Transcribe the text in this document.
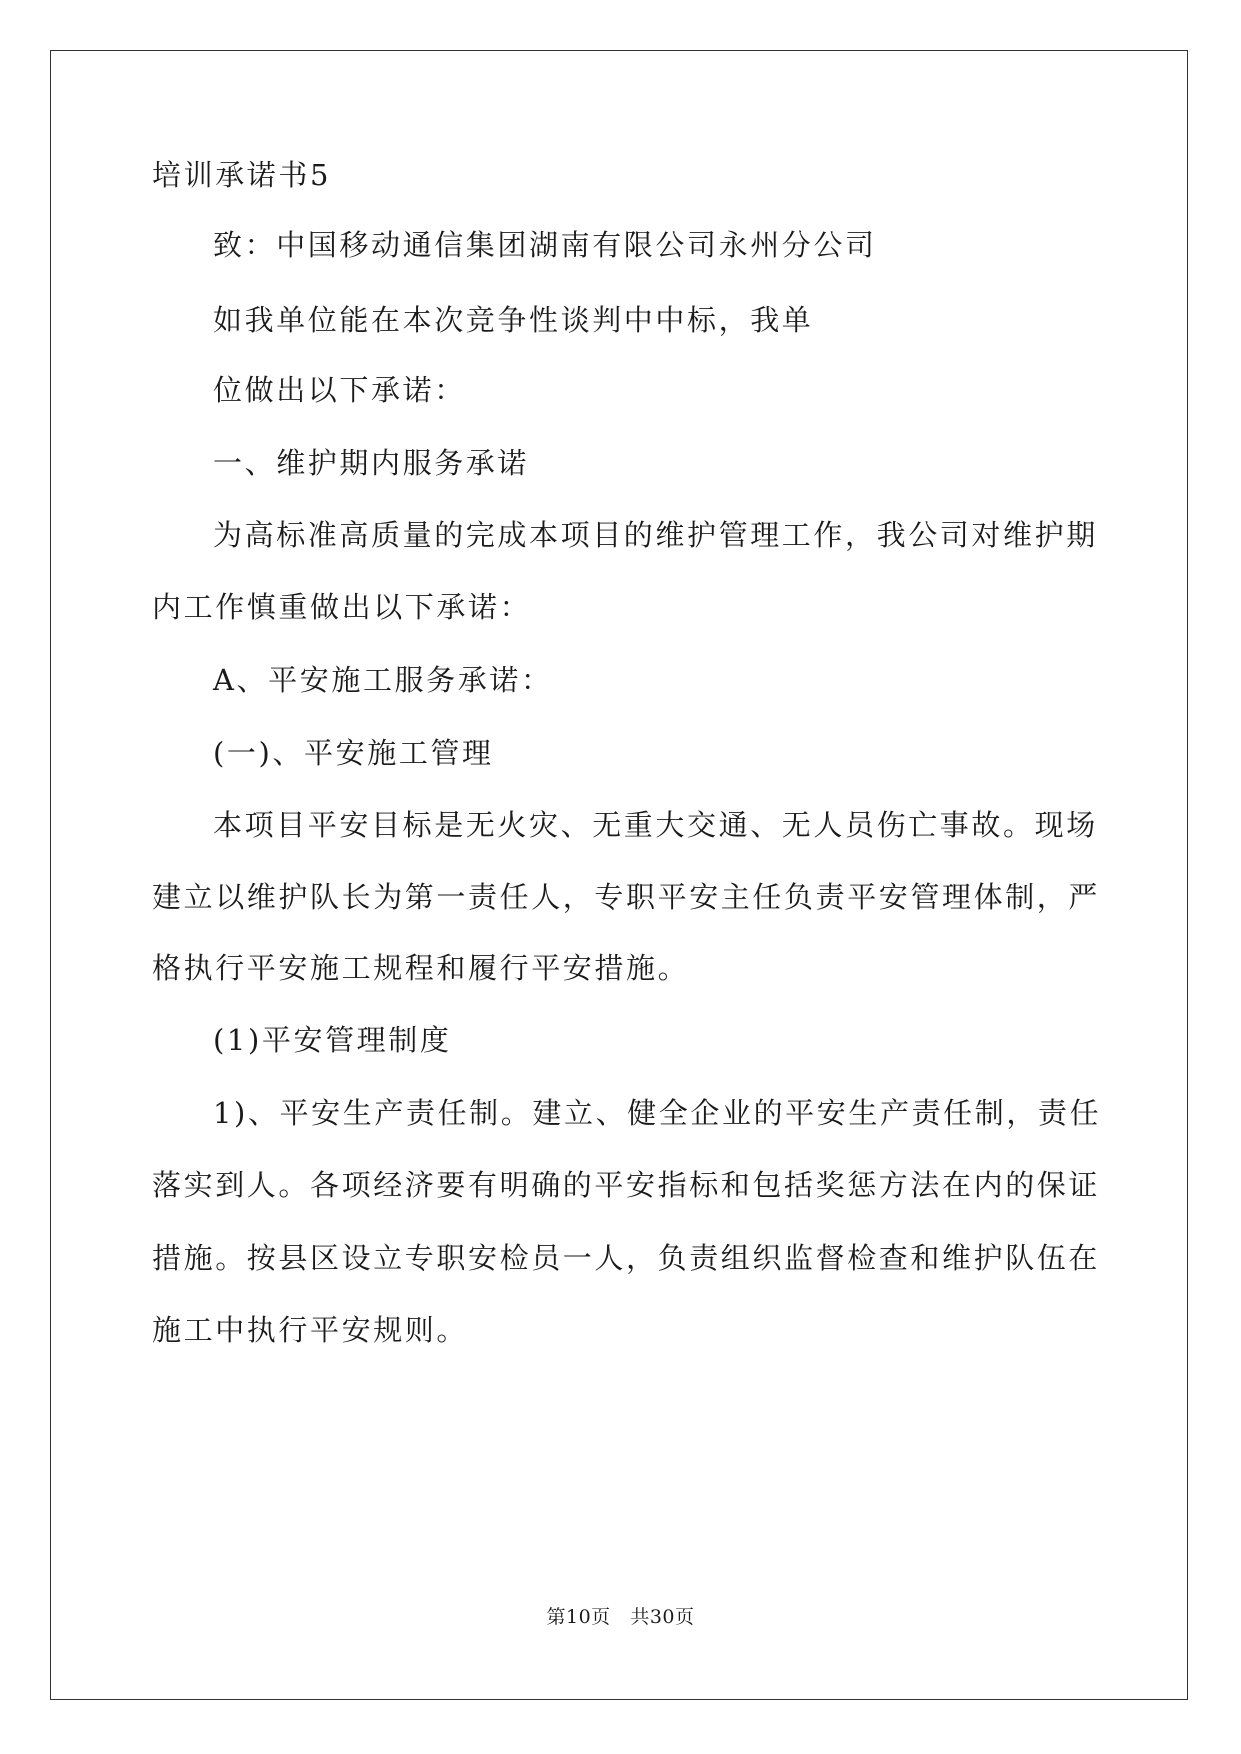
培训承诺书5
致：中国移动通信集团湖南有限公司永州分公司
如我单位能在本次竞争性谈判中中标，我单
位做出以下承诺：
一、维护期内服务承诺
为高标准高质量的完成本项目的维护管理工作，我公司对维护期
内工作慎重做出以下承诺：
A、平安施工服务承诺：
(一)、平安施工管理
本项目平安目标是无火灾、无重大交通、无人员伤亡事故。现场
建立以维护队长为第一责任人，专职平安主任负责平安管理体制，严
格执行平安施工规程和履行平安措施。
(1)平安管理制度
1)、平安生产责任制。建立、健全企业的平安生产责任制，责任
落实到人。各项经济要有明确的平安指标和包括奖惩方法在内的保证
措施。按县区设立专职安检员一人，负责组织监督检查和维护队伍在
施工中执行平安规则。
第10页 共30页
